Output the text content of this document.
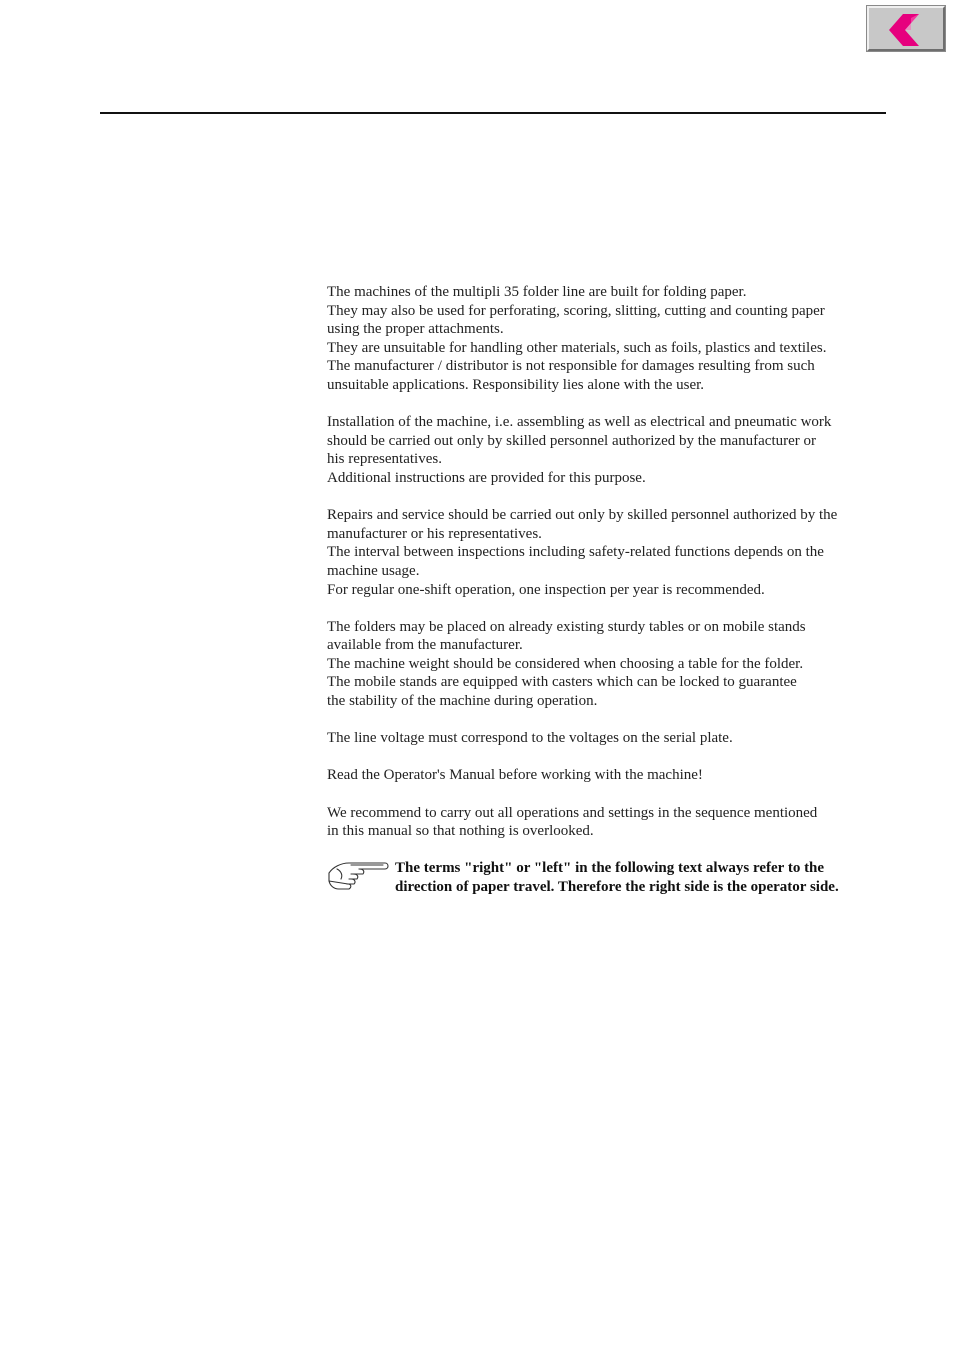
The machines of the multipli 35 folder line are built for folding paper.
They may also be used for perforating, scoring, slitting, cutting and counting paper
using the proper attachments.
They are unsuitable for handling other materials, such as foils, plastics and textiles.
The manufacturer / distributor is not responsible for damages resulting from such
unsuitable applications. Responsibility lies alone with the user.
Installation of the machine, i.e. assembling as well as electrical and pneumatic work
should be carried out only by skilled personnel authorized by the manufacturer or
his representatives.
Additional instructions are provided for this purpose.
Repairs and service should be carried out only by skilled personnel authorized by the
manufacturer or his representatives.
The interval between inspections including safety-related functions depends on the
machine usage.
For regular one-shift operation, one inspection per year is recommended.
The folders may be placed on already existing sturdy tables or on mobile stands
available from the manufacturer.
The machine weight should be considered when choosing a table for the folder.
The mobile stands are equipped with casters which can be locked to guarantee
the stability of the machine during operation.
The line voltage must correspond to the voltages on the serial plate.
Read the Operator's Manual before working with the machine!
We recommend to carry out all operations and settings in the sequence mentioned
in this manual so that nothing is overlooked.
The terms "right" or "left" in the following text always refer to the
direction of paper travel. Therefore the right side is the operator side.
